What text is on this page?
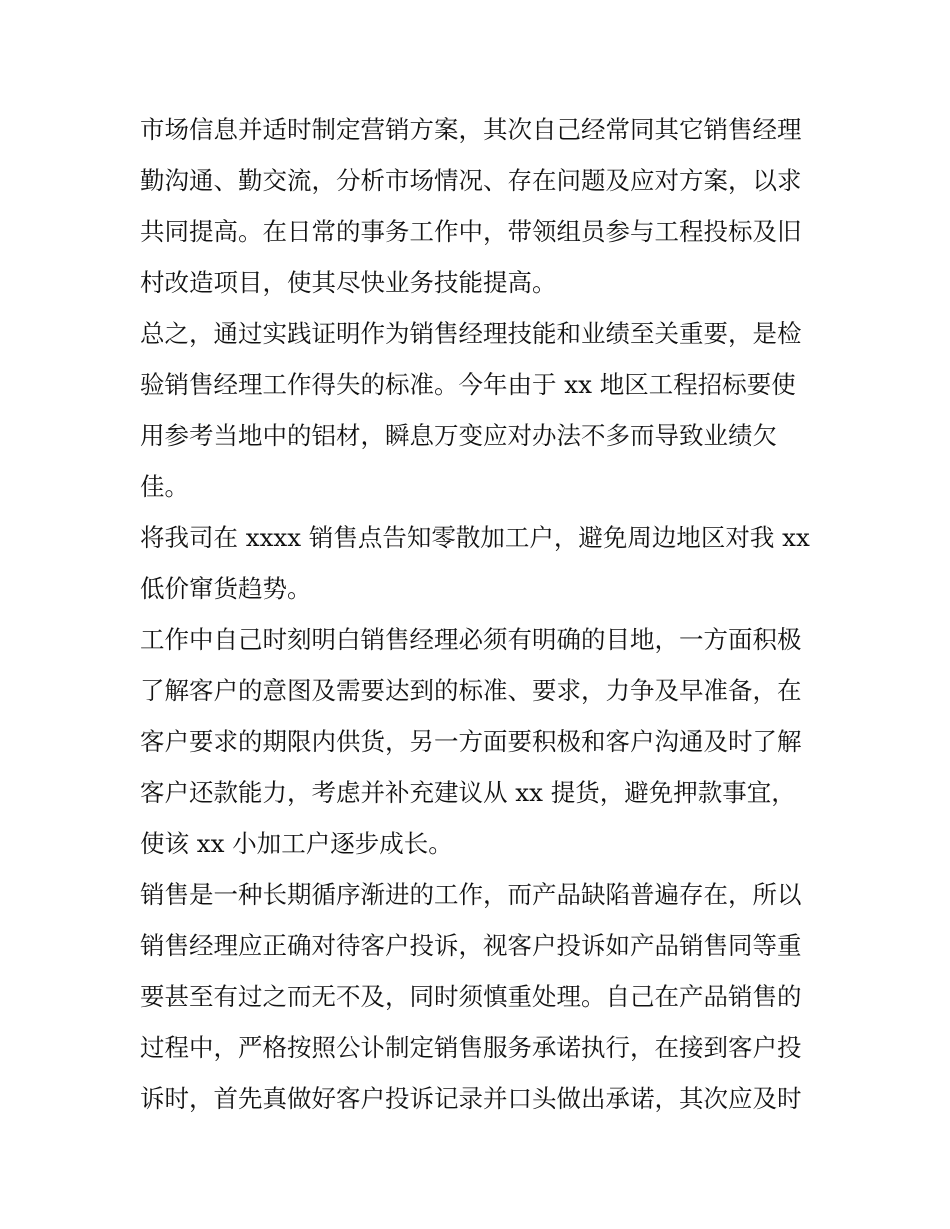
市场信息并适时制定营销方案，其次自己经常同其它销售经理
勤沟通、勤交流，分析市场情况、存在问题及应对方案，以求
共同提高。在日常的事务工作中，带领组员参与工程投标及旧
村改造项目，使其尽快业务技能提高。
总之，通过实践证明作为销售经理技能和业绩至关重要，是检
验销售经理工作得失的标准。今年由于 xx 地区工程招标要使
用参考当地中的铝材，瞬息万变应对办法不多而导致业绩欠
佳。
将我司在 xxxx 销售点告知零散加工户，避免周边地区对我 xx
低价窜货趋势。
工作中自己时刻明白销售经理必须有明确的目地，一方面积极
了解客户的意图及需要达到的标准、要求，力争及早准备，在
客户要求的期限内供货，另一方面要积极和客户沟通及时了解
客户还款能力，考虑并补充建议从 xx 提货，避免押款事宜，
使该 xx 小加工户逐步成长。
销售是一种长期循序渐进的工作，而产品缺陷普遍存在，所以
销售经理应正确对待客户投诉，视客户投诉如产品销售同等重
要甚至有过之而无不及，同时须慎重处理。自己在产品销售的
过程中，严格按照公讣制定销售服务承诺执行，在接到客户投
诉时，首先真做好客户投诉记录并口头做出承诺，其次应及时
